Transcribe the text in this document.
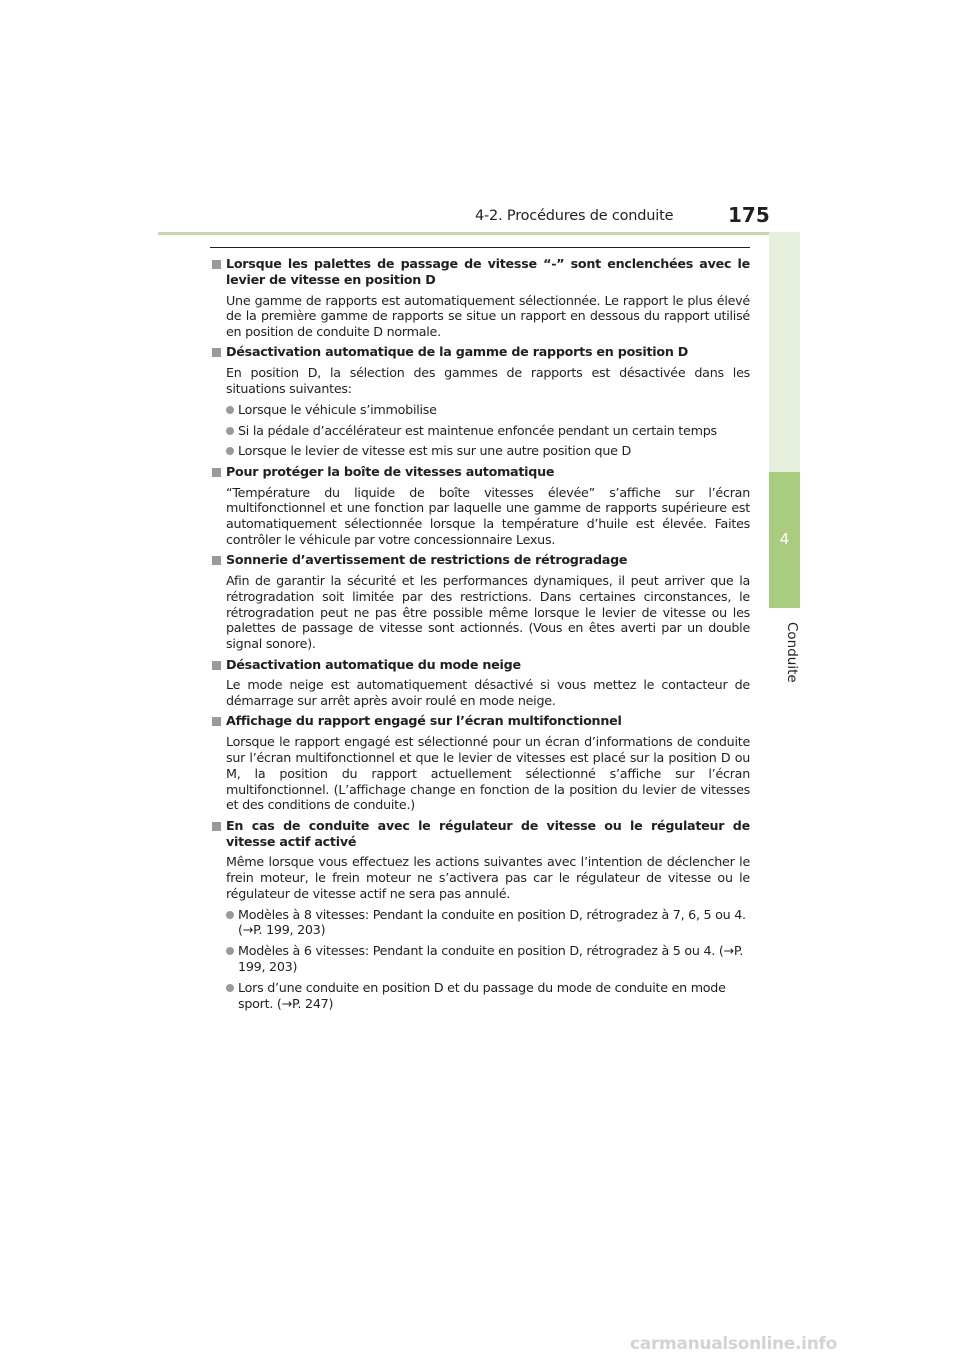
4-2. Procédures de conduite	175
4
Conduite
Lorsque les palettes de passage de vitesse “-” sont enclenchées avec le levier de vitesse en position D
Une gamme de rapports est automatiquement sélectionnée. Le rapport le plus élevé de la première gamme de rapports se situe un rapport en dessous du rapport utilisé en position de conduite D normale.
Désactivation automatique de la gamme de rapports en position D
En position D, la sélection des gammes de rapports est désactivée dans les situations suivantes:
Lorsque le véhicule s’immobilise
Si la pédale d’accélérateur est maintenue enfoncée pendant un certain temps
Lorsque le levier de vitesse est mis sur une autre position que D
Pour protéger la boîte de vitesses automatique
“Température du liquide de boîte vitesses élevée” s’affiche sur l’écran multifonctionnel et une fonction par laquelle une gamme de rapports supérieure est automatiquement sélectionnée lorsque la température d’huile est élevée. Faites contrôler le véhicule par votre concessionnaire Lexus.
Sonnerie d’avertissement de restrictions de rétrogradage
Afin de garantir la sécurité et les performances dynamiques, il peut arriver que la rétrogradation soit limitée par des restrictions. Dans certaines circonstances, le rétrogradation peut ne pas être possible même lorsque le levier de vitesse ou les palettes de passage de vitesse sont actionnés. (Vous en êtes averti par un double signal sonore).
Désactivation automatique du mode neige
Le mode neige est automatiquement désactivé si vous mettez le contacteur de démarrage sur arrêt après avoir roulé en mode neige.
Affichage du rapport engagé sur l’écran multifonctionnel
Lorsque le rapport engagé est sélectionné pour un écran d’informations de conduite sur l’écran multifonctionnel et que le levier de vitesses est placé sur la position D ou M, la position du rapport actuellement sélectionné s’affiche sur l’écran multifonctionnel. (L’affichage change en fonction de la position du levier de vitesses et des conditions de conduite.)
En cas de conduite avec le régulateur de vitesse ou le régulateur de vitesse actif activé
Même lorsque vous effectuez les actions suivantes avec l’intention de déclencher le frein moteur, le frein moteur ne s’activera pas car le régulateur de vitesse ou le régulateur de vitesse actif ne sera pas annulé.
Modèles à 8 vitesses: Pendant la conduite en position D, rétrogradez à 7, 6, 5 ou 4. (→P. 199, 203)
Modèles à 6 vitesses: Pendant la conduite en position D, rétrogradez à 5 ou 4. (→P. 199, 203)
Lors d’une conduite en position D et du passage du mode de conduite en mode sport. (→P. 247)
carmanualsonline.info
